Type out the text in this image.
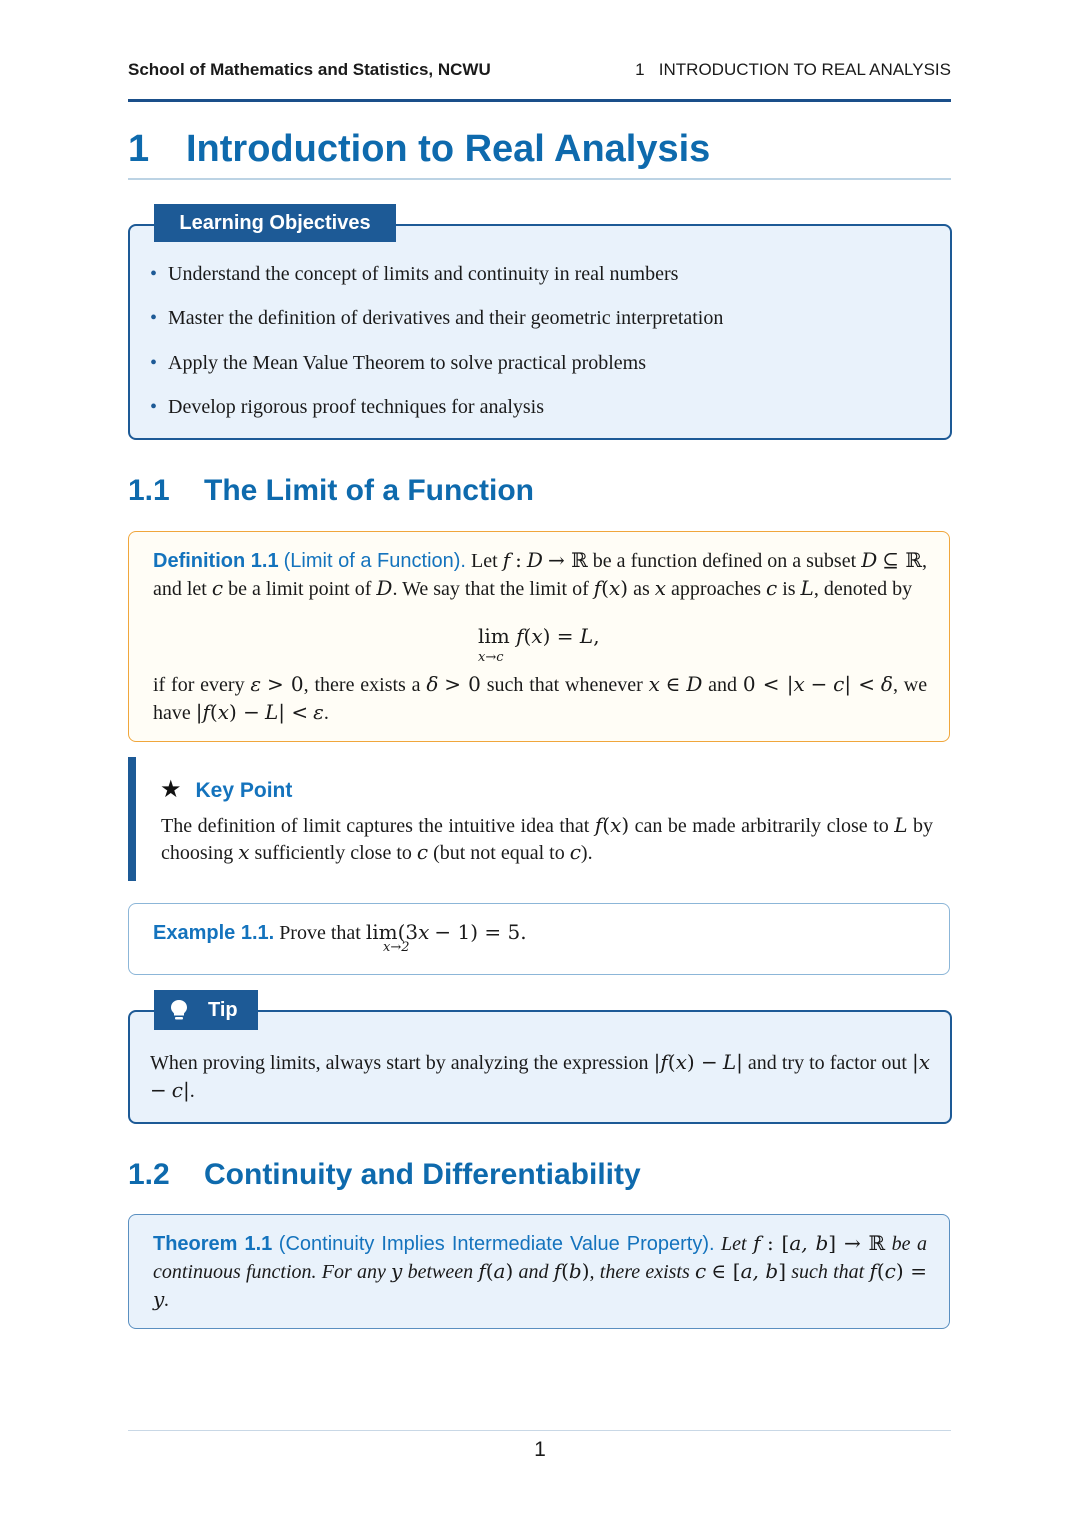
School of Mathematics and Statistics, NCWU	1 INTRODUCTION TO REAL ANALYSIS
1 Introduction to Real Analysis
Learning Objectives
• Understand the concept of limits and continuity in real numbers
• Master the definition of derivatives and their geometric interpretation
• Apply the Mean Value Theorem to solve practical problems
• Develop rigorous proof techniques for analysis
1.1 The Limit of a Function
Definition 1.1 (Limit of a Function). Let f : D → ℝ be a function defined on a subset D ⊆ ℝ, and let c be a limit point of D. We say that the limit of f(x) as x approaches c is L, denoted by
lim f(x) = L,
x→c
if for every ε > 0, there exists a δ > 0 such that whenever x ∈ D and 0 < |x − c| < δ, we have |f(x) − L| < ε.
★ Key Point
The definition of limit captures the intuitive idea that f(x) can be made arbitrarily close to L by choosing x sufficiently close to c (but not equal to c).
Example 1.1. Prove that lim(3x − 1) = 5.
x→2
Tip
When proving limits, always start by analyzing the expression |f(x) − L| and try to factor out |x − c|.
1.2 Continuity and Differentiability
Theorem 1.1 (Continuity Implies Intermediate Value Property). Let f : [a, b] → ℝ be a continuous function. For any y between f(a) and f(b), there exists c ∈ [a, b] such that f(c) = y.
1
